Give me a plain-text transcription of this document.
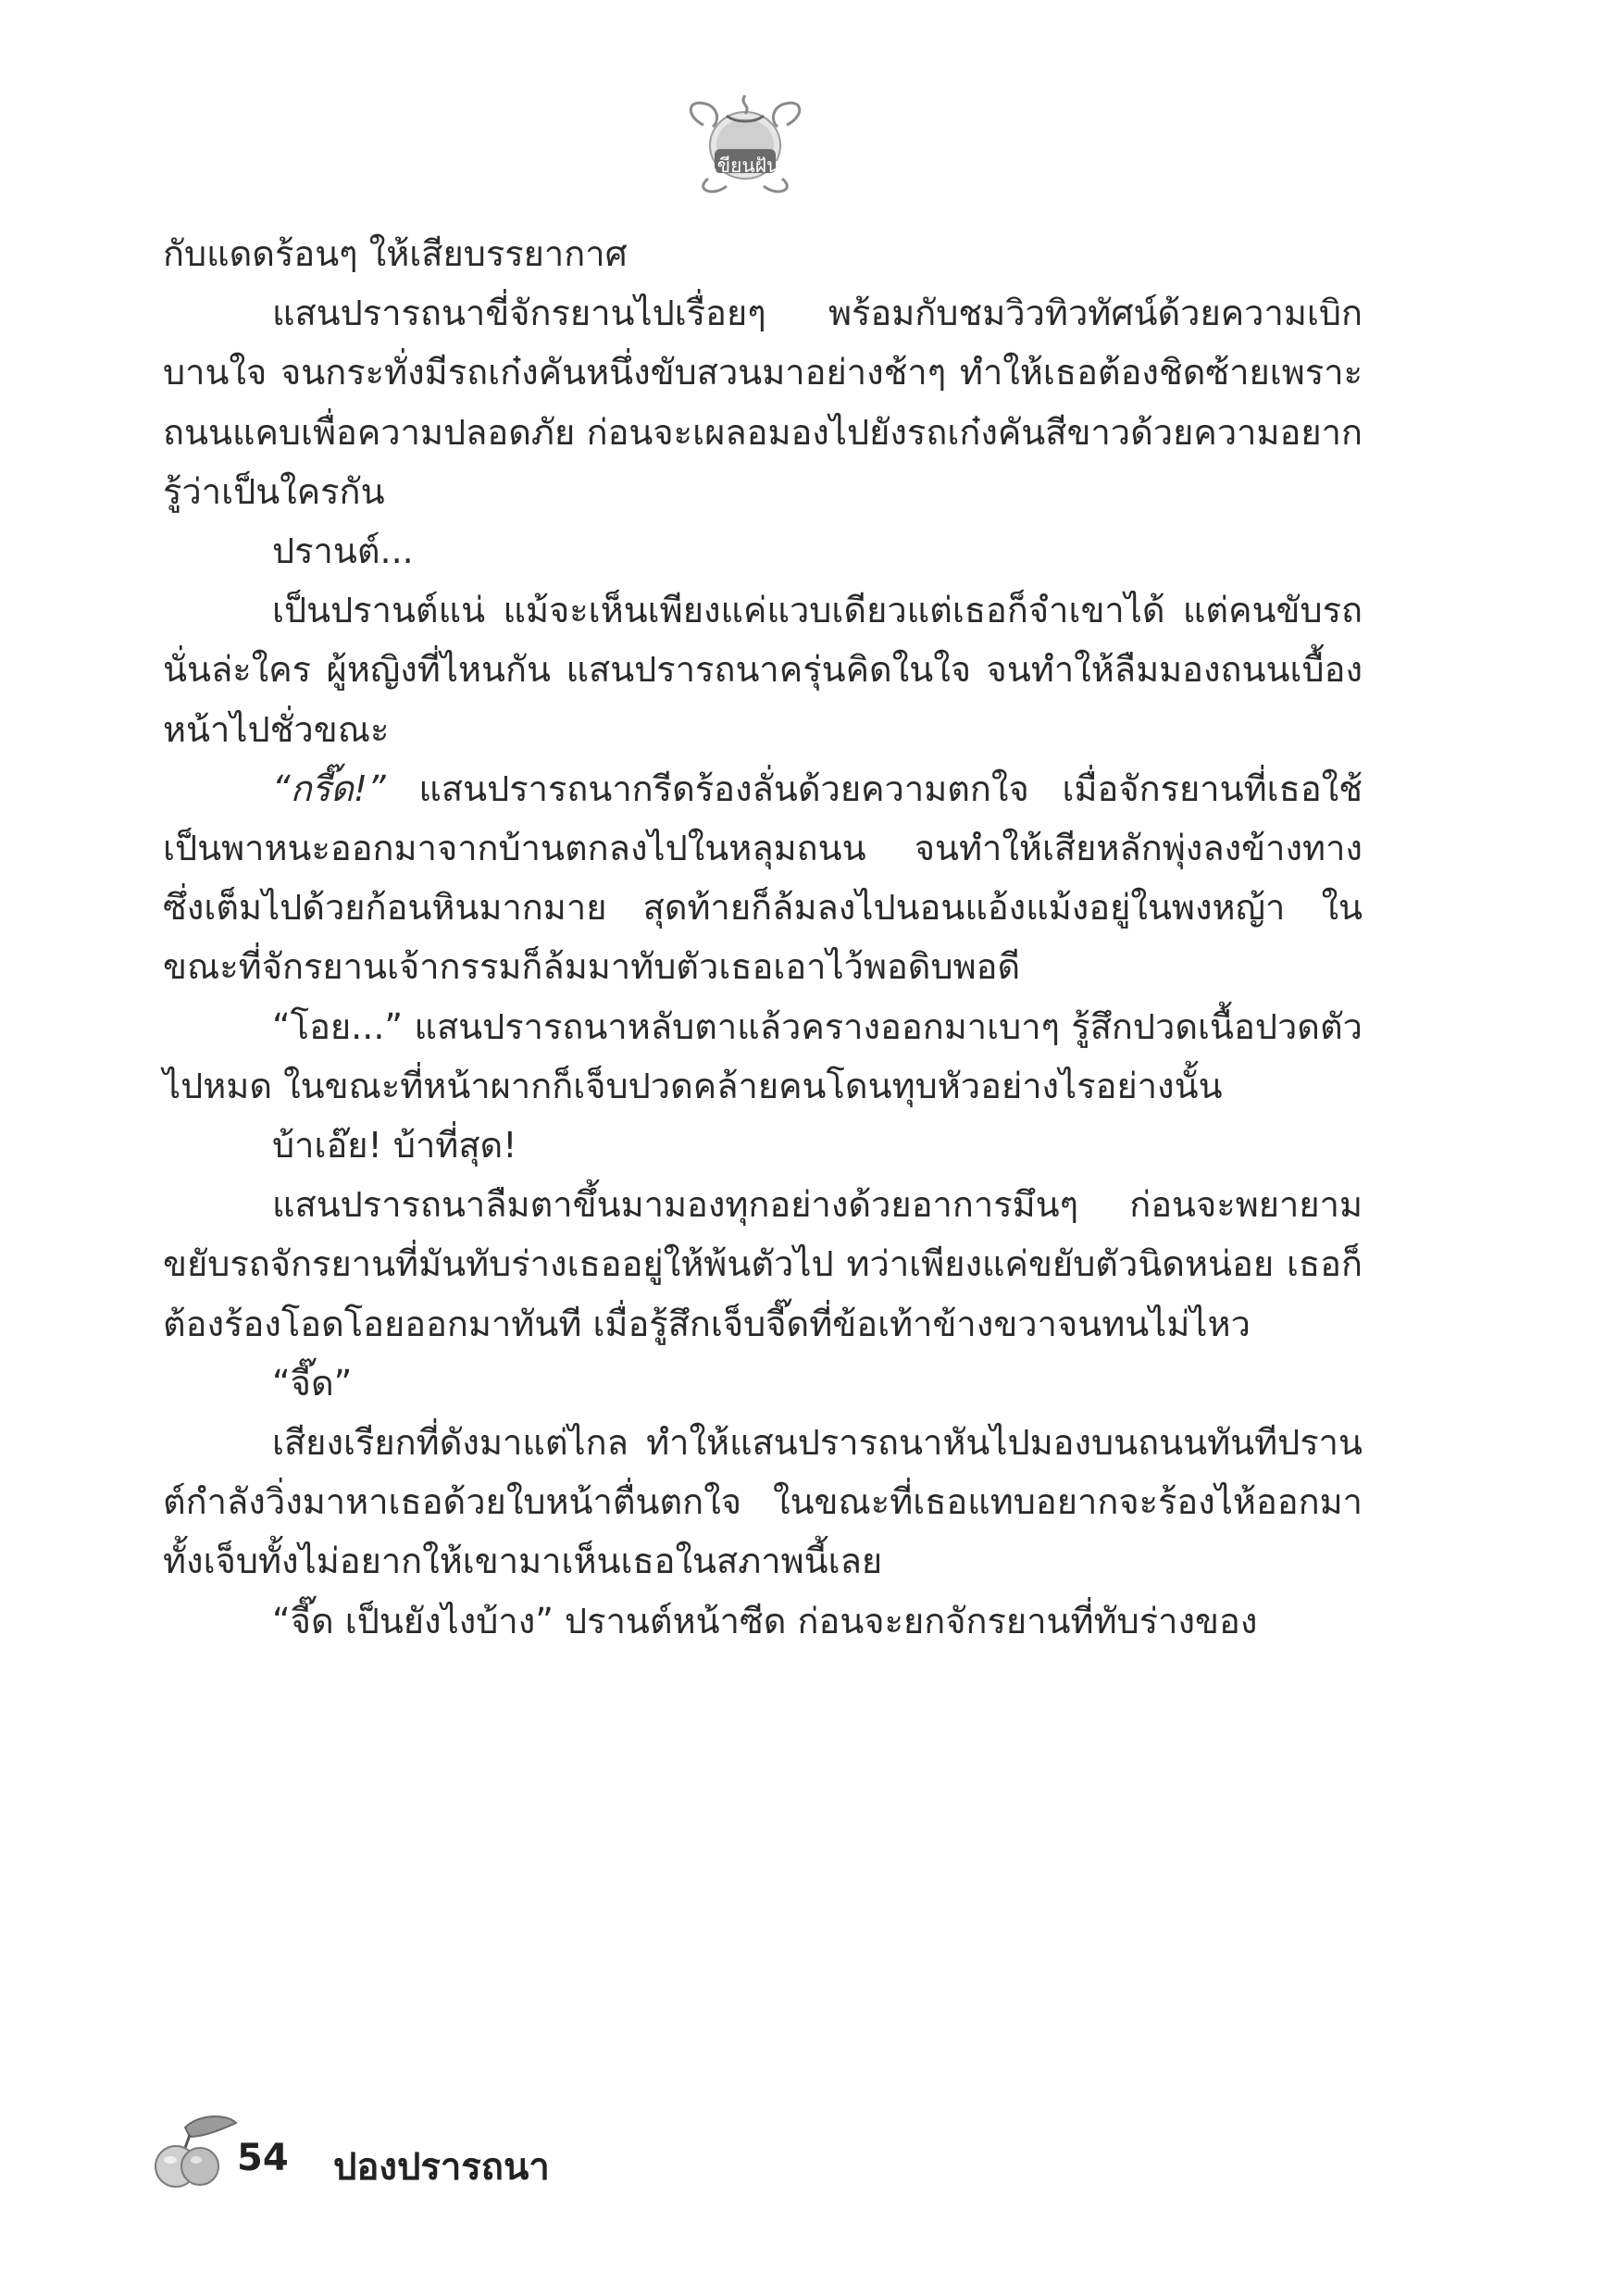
เขียนฝัน

กับแดดร้อนๆ ให้เสียบรรยากาศ

แสนปรารถนาขี่จักรยานไปเรื่อยๆ พร้อมกับชมวิวทิวทัศน์ด้วยความเบิกบานใจ จนกระทั่งมีรถเก๋งคันหนึ่งขับสวนมาอย่างช้าๆ ทำให้เธอต้องชิดซ้ายเพราะถนนแคบเพื่อความปลอดภัย ก่อนจะเผลอมองไปยังรถเก๋งคันสีขาวด้วยความอยากรู้ว่าเป็นใครกัน

ปรานต์...

เป็นปรานต์แน่ แม้จะเห็นเพียงแค่แวบเดียวแต่เธอก็จำเขาได้ แต่คนขับรถนั่นล่ะใคร ผู้หญิงที่ไหนกัน แสนปรารถนาครุ่นคิดในใจ จนทำให้ลืมมองถนนเบื้องหน้าไปชั่วขณะ

“กรี๊ด!” แสนปรารถนากรีดร้องลั่นด้วยความตกใจ เมื่อจักรยานที่เธอใช้เป็นพาหนะออกมาจากบ้านตกลงไปในหลุมถนน จนทำให้เสียหลักพุ่งลงข้างทาง ซึ่งเต็มไปด้วยก้อนหินมากมาย สุดท้ายก็ล้มลงไปนอนแอ้งแม้งอยู่ในพงหญ้า ในขณะที่จักรยานเจ้ากรรมก็ล้มมาทับตัวเธอเอาไว้พอดิบพอดี

“โอย...” แสนปรารถนาหลับตาแล้วครางออกมาเบาๆ รู้สึกปวดเนื้อปวดตัวไปหมด ในขณะที่หน้าผากก็เจ็บปวดคล้ายคนโดนทุบหัวอย่างไรอย่างนั้น

บ้าเอ๊ย! บ้าที่สุด!

แสนปรารถนาลืมตาขึ้นมามองทุกอย่างด้วยอาการมึนๆ ก่อนจะพยายามขยับรถจักรยานที่มันทับร่างเธออยู่ให้พ้นตัวไป ทว่าเพียงแค่ขยับตัวนิดหน่อย เธอก็ต้องร้องโอดโอยออกมาทันที เมื่อรู้สึกเจ็บจี๊ดที่ข้อเท้าข้างขวาจนทนไม่ไหว

“จี๊ด”

เสียงเรียกที่ดังมาแต่ไกล ทำให้แสนปรารถนาหันไปมองบนถนนทันทีปรานต์กำลังวิ่งมาหาเธอด้วยใบหน้าตื่นตกใจ ในขณะที่เธอแทบอยากจะร้องไห้ออกมา ทั้งเจ็บทั้งไม่อยากให้เขามาเห็นเธอในสภาพนี้เลย

“จี๊ด เป็นยังไงบ้าง” ปรานต์หน้าซีด ก่อนจะยกจักรยานที่ทับร่างของ

54 ปองปรารถนา
